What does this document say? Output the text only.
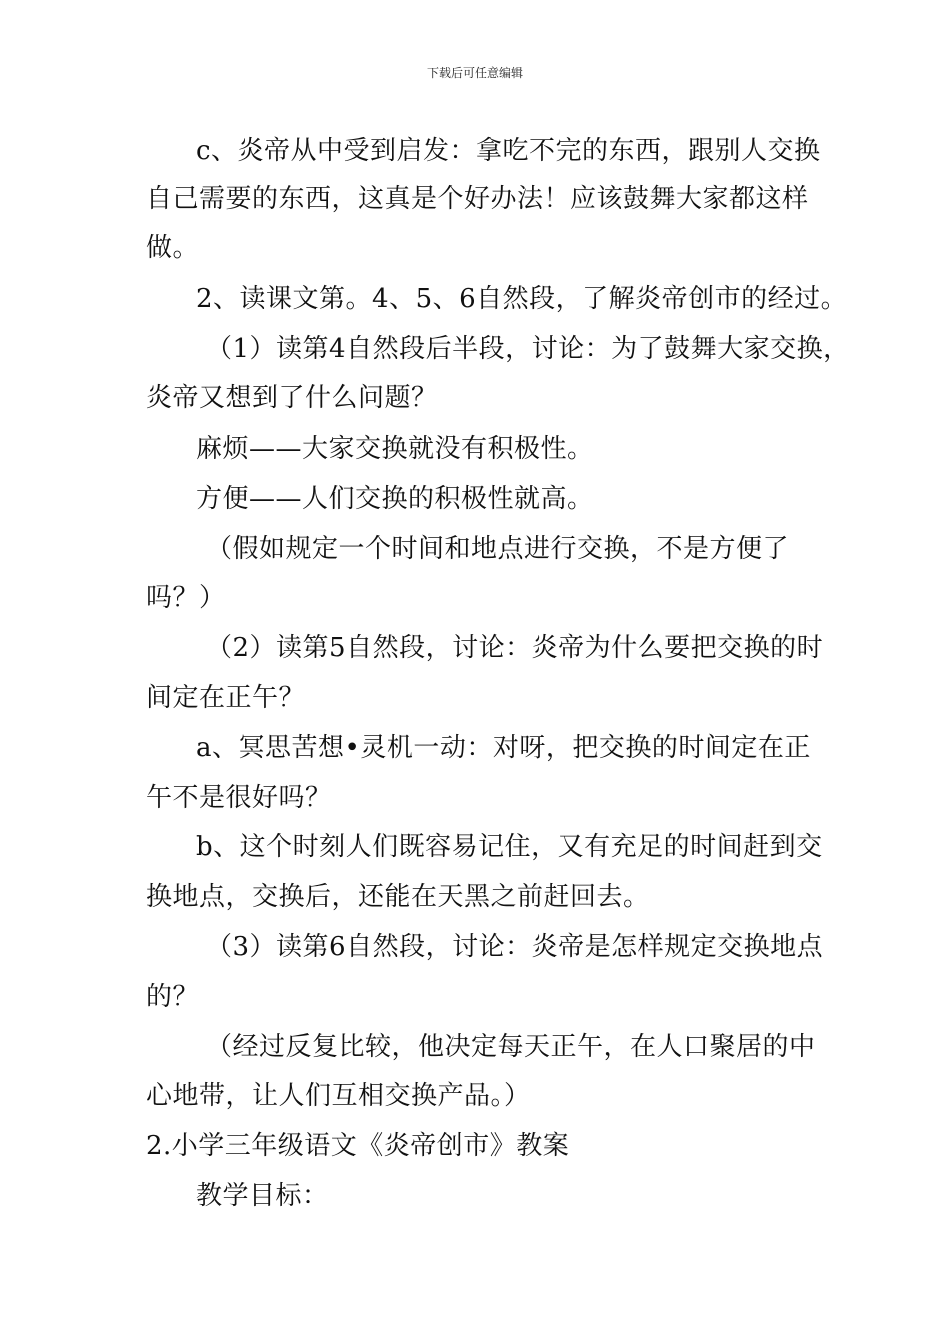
下载后可任意编辑
c、炎帝从中受到启发：拿吃不完的东西，跟别人交换
自己需要的东西，这真是个好办法！应该鼓舞大家都这样
做。
2、读课文第。4、5、6自然段，了解炎帝创市的经过。
（1）读第4自然段后半段，讨论：为了鼓舞大家交换，
炎帝又想到了什么问题？
麻烦——大家交换就没有积极性。
方便——人们交换的积极性就高。
（假如规定一个时间和地点进行交换，不是方便了
吗？）
（2）读第5自然段，讨论：炎帝为什么要把交换的时
间定在正午？
a、冥思苦想•灵机一动：对呀，把交换的时间定在正
午不是很好吗？
b、这个时刻人们既容易记住，又有充足的时间赶到交
换地点，交换后，还能在天黑之前赶回去。
（3）读第6自然段，讨论：炎帝是怎样规定交换地点
的？
（经过反复比较，他决定每天正午，在人口聚居的中
心地带，让人们互相交换产品。）
2.小学三年级语文《炎帝创市》教案
教学目标：
